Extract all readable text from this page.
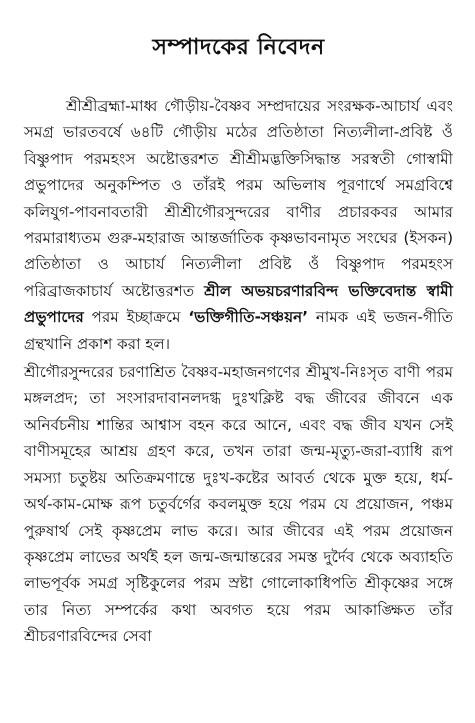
সম্পাদকের নিবেদন

শ্রীশ্রীব্রহ্মা-মাধ্ব গৌড়ীয়-বৈষ্ণব সম্প্রদায়ের সংরক্ষক-আচার্য এবং সমগ্র ভারতবর্ষে ৬৪টি গৌড়ীয় মঠের প্রতিষ্ঠাতা নিত্যলীলা-প্রবিষ্ট ওঁ বিষ্ণুপাদ পরমহংস অষ্টোত্তরশত শ্রীশ্রীমদ্ভক্তিসিদ্ধান্ত সরস্বতী গোস্বামী প্রভুপাদের অনুকম্পিত ও তাঁরই পরম অভিলাষ পূরণার্থে সমগ্রবিশ্বে কলিযুগ-পাবনাবতারী শ্রীশ্রীগৌরসুন্দরের বাণীর প্রচারকবর আমার পরমারাধ্যতম গুরু-মহারাজ আন্তর্জাতিক কৃষ্ণভাবনামৃত সংঘের (ইসকন) প্রতিষ্ঠাতা ও আচার্য নিত্যলীলা প্রবিষ্ট ওঁ বিষ্ণুপাদ পরমহংস পরিব্রাজকাচার্য অষ্টোত্তরশত শ্রীল অভয়চরণারবিন্দ ভক্তিবেদান্ত স্বামী প্রভুপাদের পরম ইচ্ছাক্রমে ‘ভক্তিগীতি-সঞ্চয়ন’ নামক এই ভজন-গীতি গ্রন্থখানি প্রকাশ করা হল।

শ্রীগৌরসুন্দরের চরণাশ্রিত বৈষ্ণব-মহাজনগণের শ্রীমুখ-নিঃসৃত বাণী পরম মঙ্গলপ্রদ; তা সংসারদাবানলদগ্ধ দুঃখক্লিষ্ট বদ্ধ জীবের জীবনে এক অনির্বচনীয় শান্তির আশ্বাস বহন করে আনে, এবং বদ্ধ জীব যখন সেই বাণীসমূহের আশ্রয় গ্রহণ করে, তখন তারা জন্ম-মৃত্যু-জরা-ব্যাধি রূপ সমস্যা চতুষ্টয় অতিক্রমণান্তে দুঃখ-কষ্টের আবর্ত থেকে মুক্ত হয়ে, ধর্ম-অর্থ-কাম-মোক্ষ রূপ চতুর্বর্গের কবলমুক্ত হয়ে পরম যে প্রয়োজন, পঞ্চম পুরুষার্থ সেই কৃষ্ণপ্রেম লাভ করে। আর জীবের এই পরম প্রয়োজন কৃষ্ণপ্রেম লাভের অর্থই হল জন্ম-জন্মান্তরের সমস্ত দুর্দৈব থেকে অব্যাহতি লাভপূর্বক সমগ্র সৃষ্টিকুলের পরম স্রষ্টা গোলোকাধিপতি শ্রীকৃষ্ণের সঙ্গে তার নিত্য সম্পর্কের কথা অবগত হয়ে পরম আকাঙ্ক্ষিত তাঁর শ্রীচরণারবিন্দের সেবা
